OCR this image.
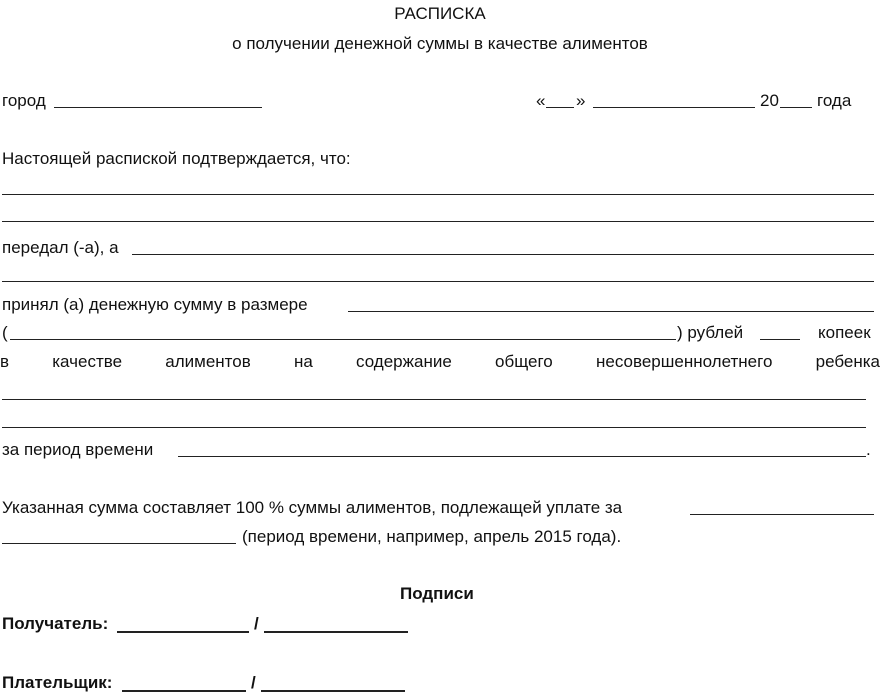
РАСПИСКА
о получении денежной суммы в качестве алиментов
город	« »	20 года
Настоящей распиской подтверждается, что:
передал (-а), а
принял (а) денежную сумму в размере
(	) рублей	копеек
в	качестве	алиментов	на	содержание	общего	несовершеннолетнего	ребенка
за период времени	.
Указанная сумма составляет 100 % суммы алиментов, подлежащей уплате за
(период времени, например, апрель 2015 года).
Подписи
Получатель:	/
Плательщик:	/
